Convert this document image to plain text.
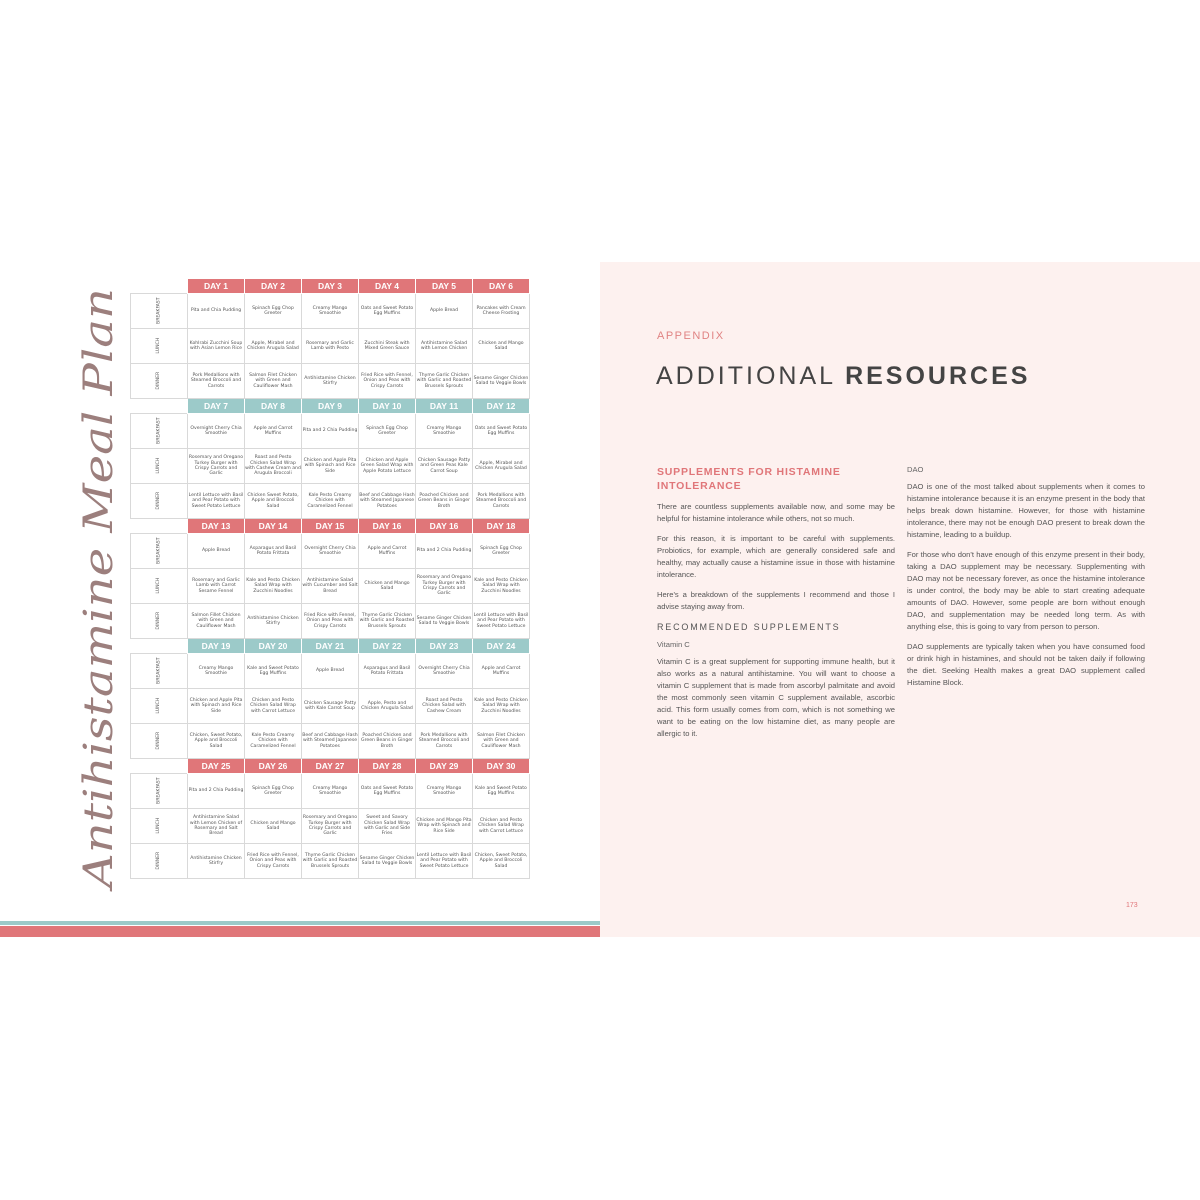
Antihistamine Meal Plan
	DAY 1	DAY 2	DAY 3	DAY 4	DAY 5	DAY 6
BREAKFAST	Pita and Chia Pudding	Spinach Egg Chop Greeter	Creamy Mango Smoothie	Oats and Sweet Potato Egg Muffins	Apple Bread	Pancakes with Cream Cheese Frosting
LUNCH	Kohlrabi Zucchini Soup with Asian Lemon Rice	Apple, Mirabel and Chicken Arugula Salad	Rosemary and Garlic Lamb with Pesto	Zucchini Steak with Mixed Green Sauce	Antihistamine Salad with Lemon Chicken	Chicken and Mango Salad
DINNER	Pork Medallions with Steamed Broccoli and Carrots	Salmon Filet Chicken with Green and Cauliflower Mash	Antihistamine Chicken Stirfry	Fried Rice with Fennel, Onion and Peas with Crispy Carrots	Thyme Garlic Chicken with Garlic and Roasted Brussels Sprouts	Sesame Ginger Chicken Salad to Veggie Bowls
	DAY 7	DAY 8	DAY 9	DAY 10	DAY 11	DAY 12
BREAKFAST	Overnight Cherry Chia Smoothie	Apple and Carrot Muffins	Pita and 2 Chia Pudding	Spinach Egg Chop Greeter	Creamy Mango Smoothie	Oats and Sweet Potato Egg Muffins
LUNCH	Rosemary and Oregano Turkey Burger with Crispy Carrots and Garlic	Roast and Pesto Chicken Salad Wrap with Cashew Cream and Arugula Broccoli	Chicken and Apple Pita with Spinach and Rice Side	Chicken and Apple Green Salad Wrap with Apple Potato Lettuce	Chicken Sausage Patty and Green Peas Kale Carrot Soup	Apple, Mirabel and Chicken Arugula Salad
DINNER	Lentil Lettuce with Basil and Pear Potato with Sweet Potato Lettuce	Chicken Sweet Potato, Apple and Broccoli Salad	Kale Pesto Creamy Chicken with Caramelized Fennel	Beef and Cabbage Hash with Steamed Japanese Potatoes	Poached Chicken and Green Beans in Ginger Broth	Pork Medallions with Steamed Broccoli and Carrots
	DAY 13	DAY 14	DAY 15	DAY 16	DAY 16	DAY 18
BREAKFAST	Apple Bread	Asparagus and Basil Potato Frittata	Overnight Cherry Chia Smoothie	Apple and Carrot Muffins	Pita and 2 Chia Pudding	Spinach Egg Chop Greeter
LUNCH	Rosemary and Garlic Lamb with Carrot Sesame Fennel	Kale and Pesto Chicken Salad Wrap with Zucchini Noodles	Antihistamine Salad with Cucumber and Salt Bread	Chicken and Mango Salad	Rosemary and Oregano Turkey Burger with Crispy Carrots and Garlic	Kale and Pesto Chicken Salad Wrap with Zucchini Noodles
DINNER	Salmon Fillet Chicken with Green and Cauliflower Mash	Antihistamine Chicken Stirfry	Fried Rice with Fennel, Onion and Peas with Crispy Carrots	Thyme Garlic Chicken with Garlic and Roasted Brussels Sprouts	Sesame Ginger Chicken Salad to Veggie Bowls	Lentil Lettuce with Basil and Pear Potato with Sweet Potato Lettuce
	DAY 19	DAY 20	DAY 21	DAY 22	DAY 23	DAY 24
BREAKFAST	Creamy Mango Smoothie	Kale and Sweet Potato Egg Muffins	Apple Bread	Asparagus and Basil Potato Frittata	Overnight Cherry Chia Smoothie	Apple and Carrot Muffins
LUNCH	Chicken and Apple Pita with Spinach and Rice Side	Chicken and Pesto Chicken Salad Wrap with Carrot Lettuce	Chicken Sausage Patty with Kale Carrot Soup	Apple, Pesto and Chicken Arugula Salad	Roast and Pesto Chicken Salad with Cashew Cream	Kale and Pesto Chicken Salad Wrap with Zucchini Noodles
DINNER	Chicken, Sweet Potato, Apple and Broccoli Salad	Kale Pesto Creamy Chicken with Caramelized Fennel	Beef and Cabbage Hash with Steamed Japanese Potatoes	Poached Chicken and Green Beans in Ginger Broth	Pork Medallions with Steamed Broccoli and Carrots	Salmon Filet Chicken with Green and Cauliflower Mash
	DAY 25	DAY 26	DAY 27	DAY 28	DAY 29	DAY 30
BREAKFAST	Pita and 2 Chia Pudding	Spinach Egg Chop Greeter	Creamy Mango Smoothie	Oats and Sweet Potato Egg Muffins	Creamy Mango Smoothie	Kale and Sweet Potato Egg Muffins
LUNCH	Antihistamine Salad with Lemon Chicken of Rosemary and Salt Bread	Chicken and Mango Salad	Rosemary and Oregano Turkey Burger with Crispy Carrots and Garlic	Sweet and Savory Chicken Salad Wrap with Garlic and Side Fries	Chicken and Mango Pita Wrap with Spinach and Rice Side	Chicken and Pesto Chicken Salad Wrap with Carrot Lettuce
DINNER	Antihistamine Chicken Stirfry	Fried Rice with Fennel, Onion and Peas with Crispy Carrots	Thyme Garlic Chicken with Garlic and Roasted Brussels Sprouts	Sesame Ginger Chicken Salad to Veggie Bowls	Lentil Lettuce with Basil and Pear Potato with Sweet Potato Lettuce	Chicken, Sweet Potato, Apple and Broccoli Salad
APPENDIX
ADDITIONAL RESOURCES
SUPPLEMENTS FOR HISTAMINE INTOLERANCE

There are countless supplements available now, and some may be helpful for histamine intolerance while others, not so much.

For this reason, it is important to be careful with supplements. Probiotics, for example, which are generally considered safe and healthy, may actually cause a histamine issue in those with histamine intolerance.

Here's a breakdown of the supplements I recommend and those I advise staying away from.

RECOMMENDED SUPPLEMENTS
Vitamin C

Vitamin C is a great supplement for supporting immune health, but it also works as a natural antihistamine. You will want to choose a vitamin C supplement that is made from ascorbyl palmitate and avoid the most commonly seen vitamin C supplement available, ascorbic acid. This form usually comes from corn, which is not something we want to be eating on the low histamine diet, as many people are allergic to it.

DAO

DAO is one of the most talked about supplements when it comes to histamine intolerance because it is an enzyme present in the body that helps break down histamine. However, for those with histamine intolerance, there may not be enough DAO present to break down the histamine, leading to a buildup.

For those who don't have enough of this enzyme present in their body, taking a DAO supplement may be necessary. Supplementing with DAO may not be necessary forever, as once the histamine intolerance is under control, the body may be able to start creating adequate amounts of DAO. However, some people are born without enough DAO, and supplementation may be needed long term. As with anything else, this is going to vary from person to person.

DAO supplements are typically taken when you have consumed food or drink high in histamines, and should not be taken daily if following the diet. Seeking Health makes a great DAO supplement called Histamine Block.

173
